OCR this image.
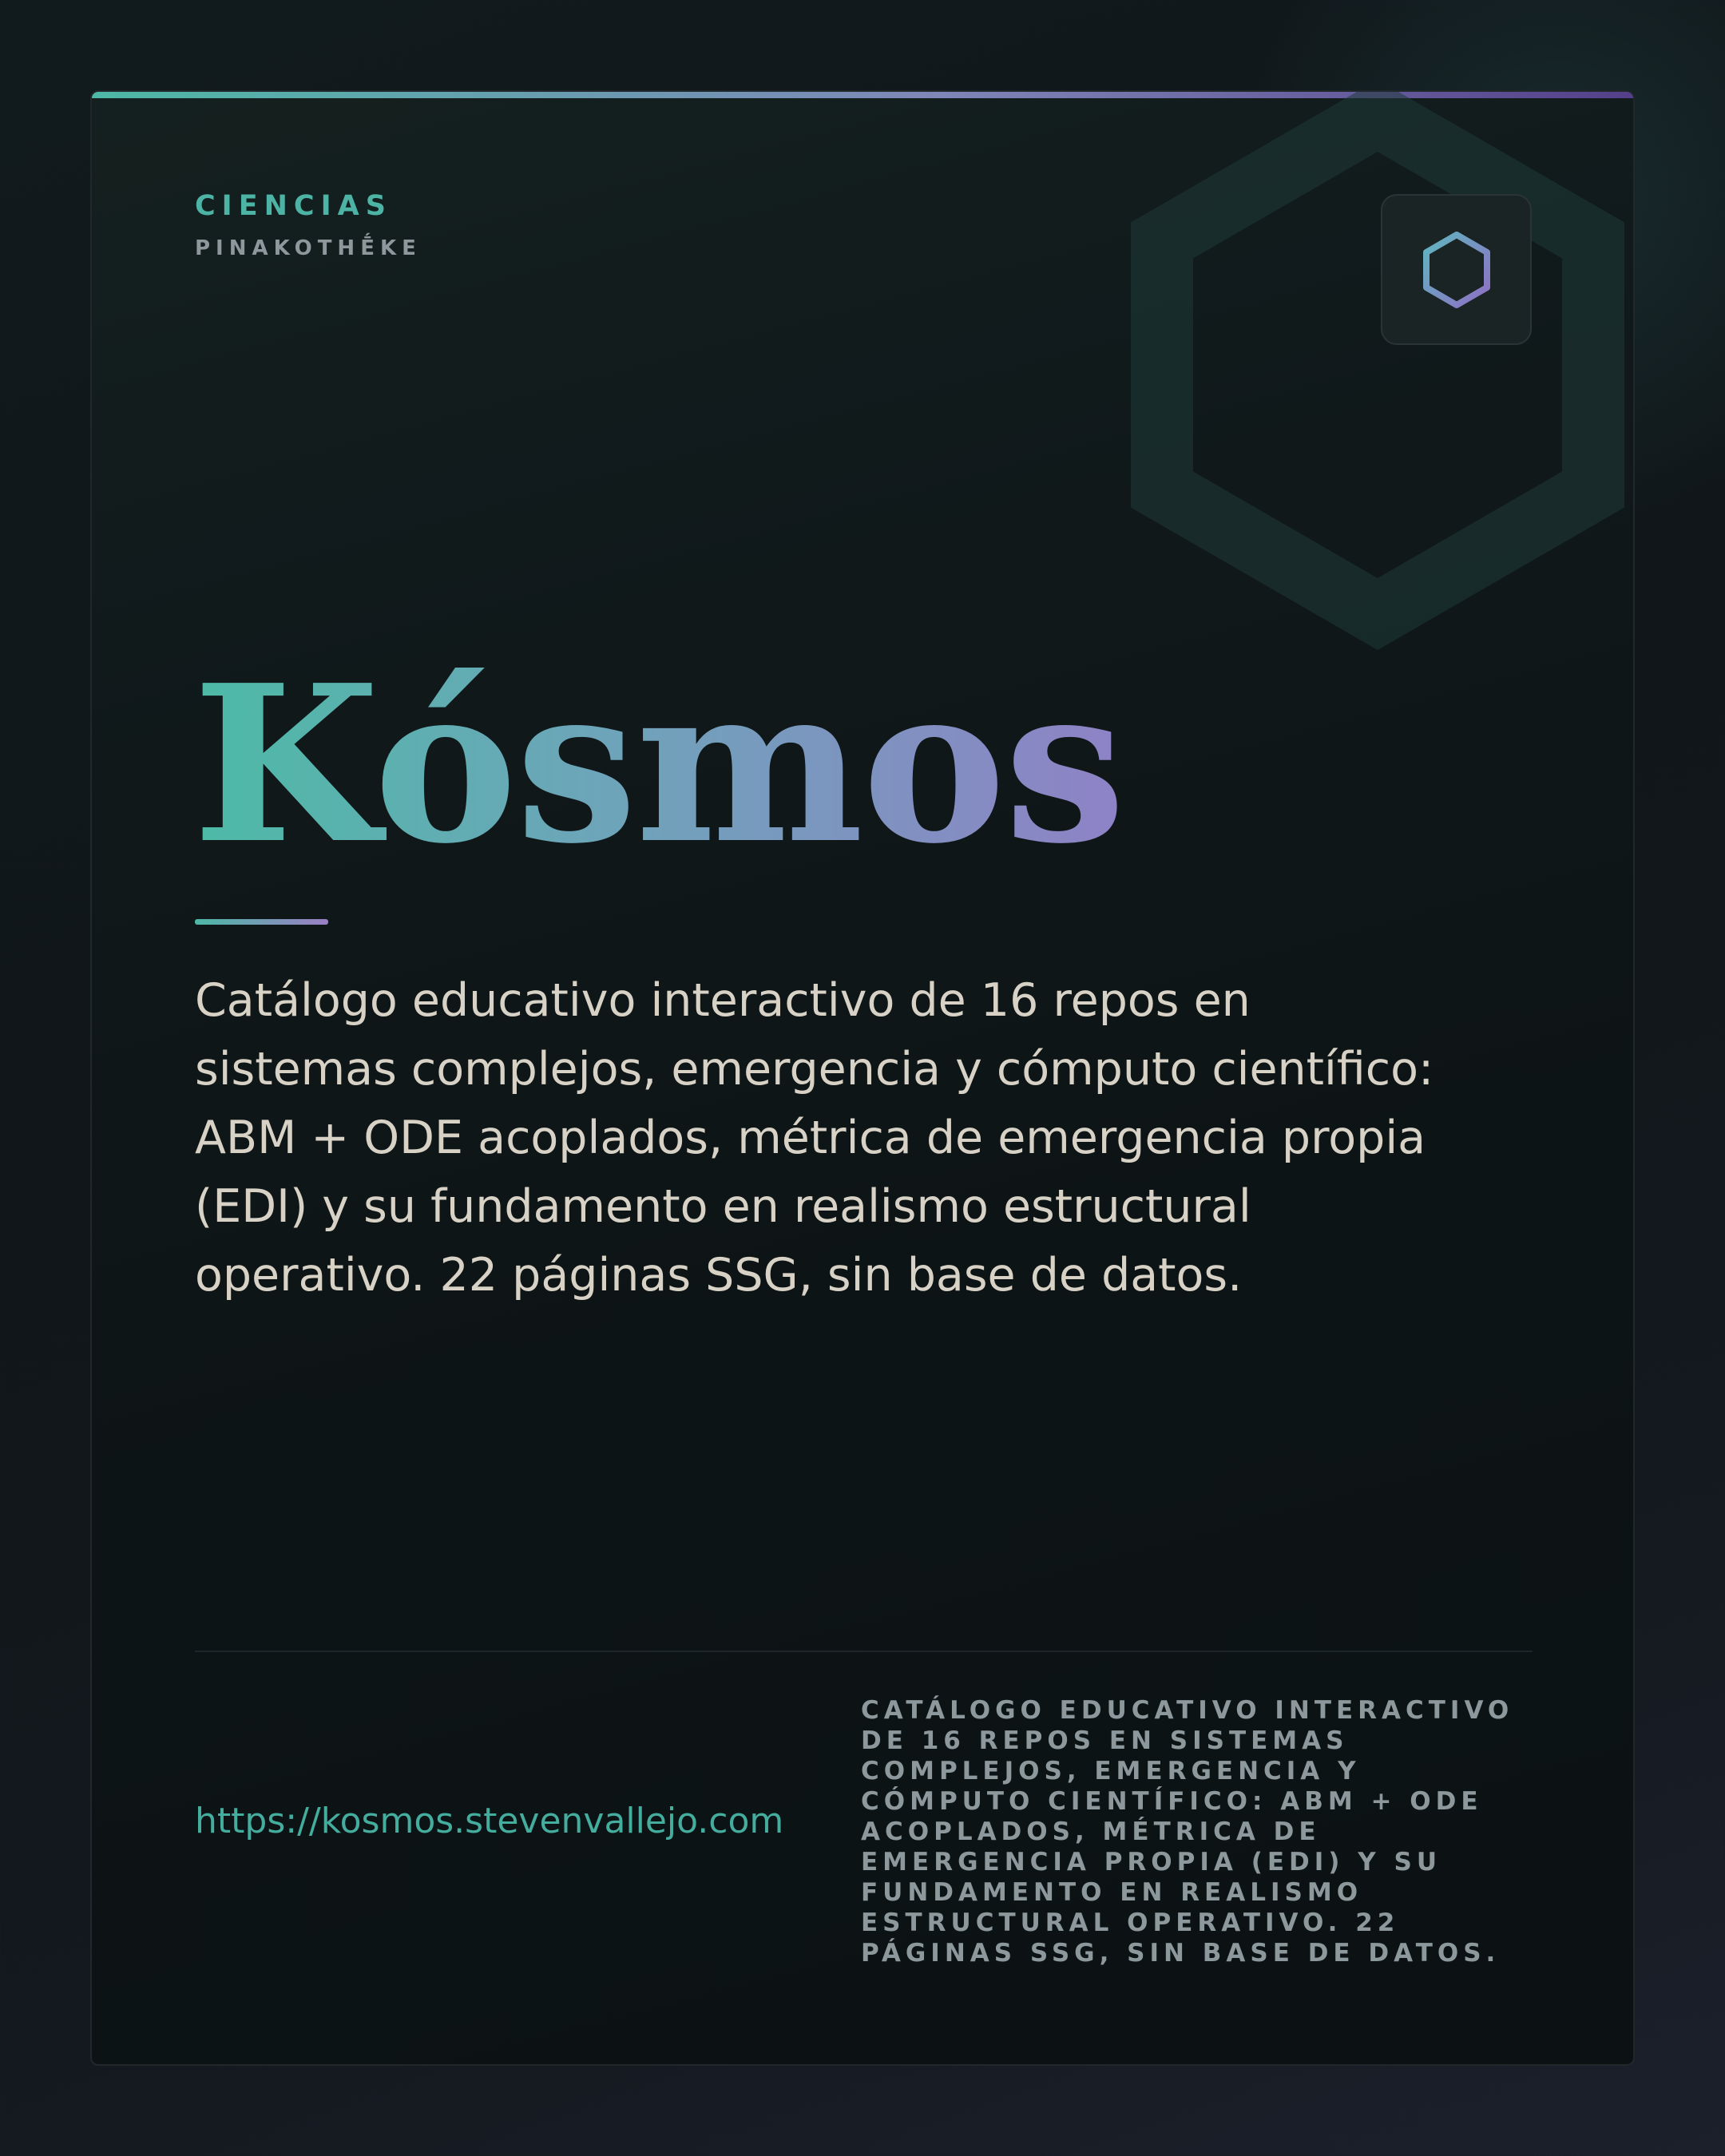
CIENCIAS
PINAKOTHḖKE
Kósmos

Catálogo educativo interactivo de 16 repos en sistemas complejos, emergencia y cómputo científico: ABM + ODE acoplados, métrica de emergencia propia (EDI) y su fundamento en realismo estructural operativo. 22 páginas SSG, sin base de datos.

https://kosmos.stevenvallejo.com

CATÁLOGO EDUCATIVO INTERACTIVO DE 16 REPOS EN SISTEMAS COMPLEJOS, EMERGENCIA Y CÓMPUTO CIENTÍFICO: ABM + ODE ACOPLADOS, MÉTRICA DE EMERGENCIA PROPIA (EDI) Y SU FUNDAMENTO EN REALISMO ESTRUCTURAL OPERATIVO. 22 PÁGINAS SSG, SIN BASE DE DATOS.
